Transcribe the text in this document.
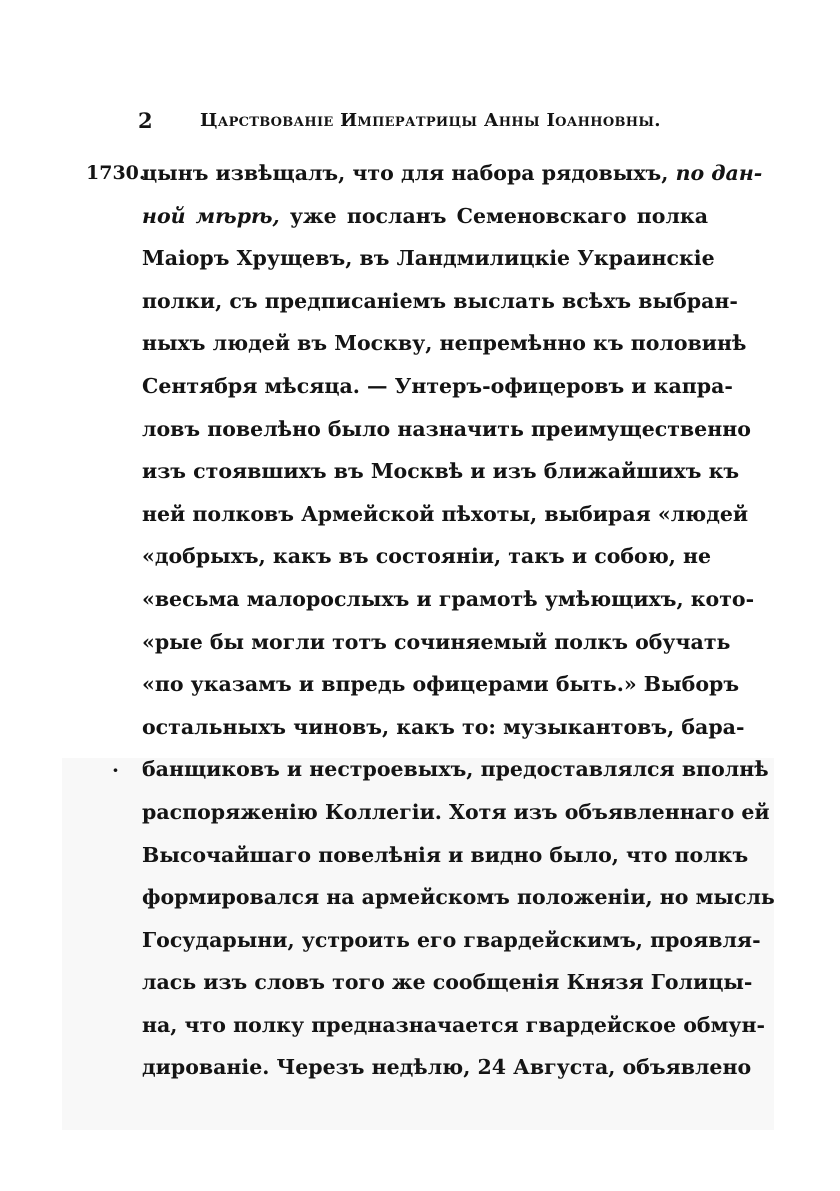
2	Царствованіе Императрицы Анны Іоанновны.
1730.
·
цынъ извѣщалъ, что для набора рядовыхъ, по дан-
ной мѣрѣ, уже посланъ Семеновскаго полка
Маіоръ Хрущевъ, въ Ландмилицкіе Украинскіе
полки, съ предписаніемъ выслать всѣхъ выбран-
ныхъ людей въ Москву, непремѣнно къ половинѣ
Сентября мѣсяца. — Унтеръ-офицеровъ и капра-
ловъ повелѣно было назначить преимущественно
изъ стоявшихъ въ Москвѣ и изъ ближайшихъ къ
ней полковъ Армейской пѣхоты, выбирая «людей
«добрыхъ, какъ въ состояніи, такъ и собою, не
«весьма малорослыхъ и грамотѣ умѣющихъ, кото-
«рые бы могли тотъ сочиняемый полкъ обучать
«по указамъ и впредь офицерами быть.» Выборъ
остальныхъ чиновъ, какъ то: музыкантовъ, бара-
банщиковъ и нестроевыхъ, предоставлялся вполнѣ
распоряженію Коллегіи. Хотя изъ объявленнаго ей
Высочайшаго повелѣнія и видно было, что полкъ
формировался на армейскомъ положеніи, но мысль
Государыни, устроить его гвардейскимъ, проявля-
лась изъ словъ того же сообщенія Князя Голицы-
на, что полку предназначается гвардейское обмун-
дированіе. Черезъ недѣлю, 24 Августа, объявлено
